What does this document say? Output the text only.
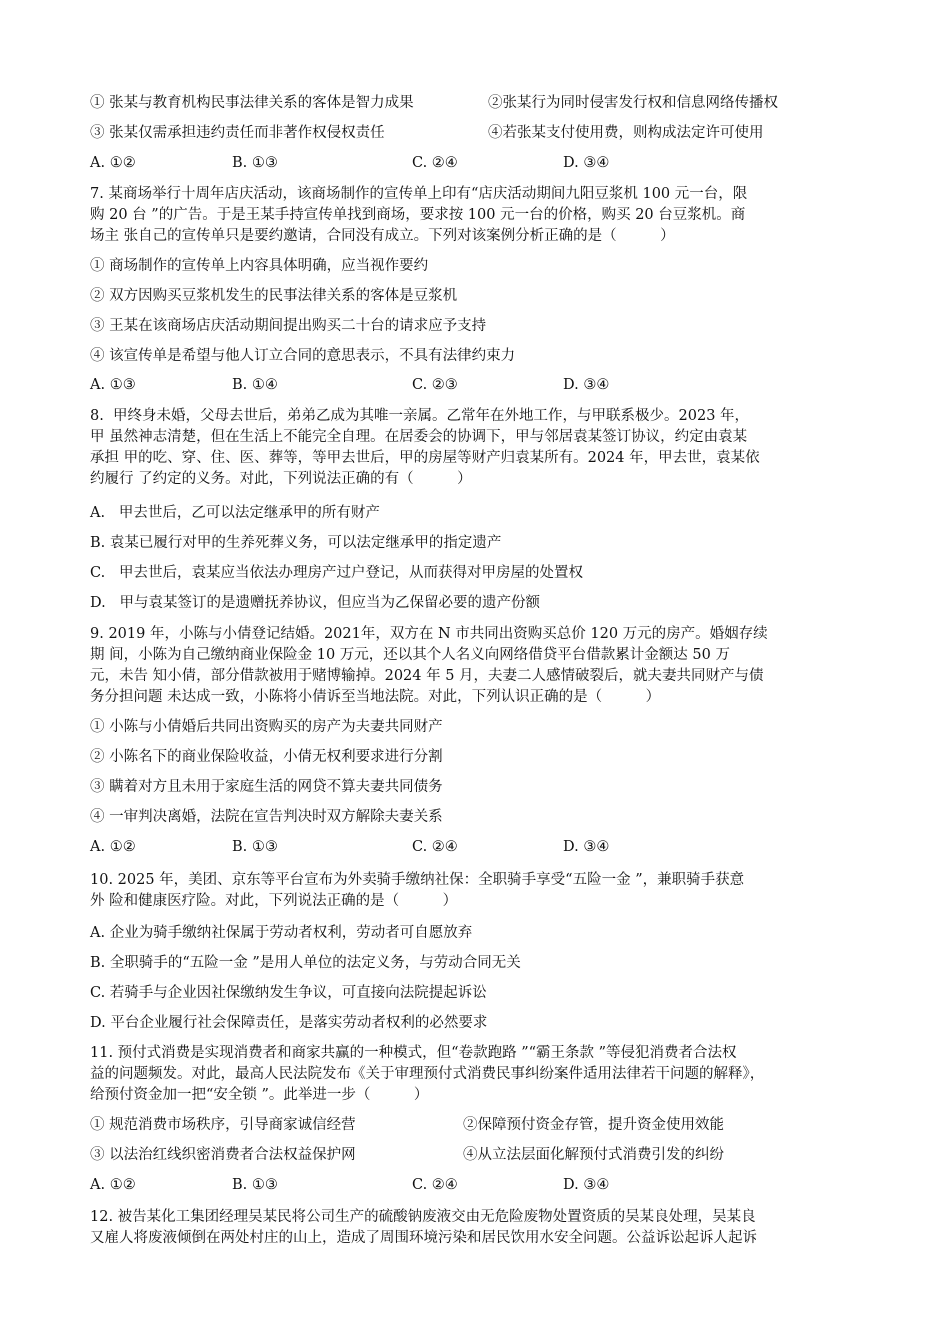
① 张某与教育机构民事法律关系的客体是智力成果	②张某行为同时侵害发行权和信息网络传播权
③ 张某仅需承担违约责任而非著作权侵权责任	④若张某支付使用费，则构成法定许可使用
A. ①②	B. ①③	C. ②④	D. ③④
7. 某商场举行十周年店庆活动，该商场制作的宣传单上印有“店庆活动期间九阳豆浆机 100 元一台，限
购 20 台 ”的广告。于是王某手持宣传单找到商场，要求按 100 元一台的价格，购买 20 台豆浆机。商
场主 张自己的宣传单只是要约邀请，合同没有成立。下列对该案例分析正确的是（　　　）
① 商场制作的宣传单上内容具体明确，应当视作要约
② 双方因购买豆浆机发生的民事法律关系的客体是豆浆机
③ 王某在该商场店庆活动期间提出购买二十台的请求应予支持
④ 该宣传单是希望与他人订立合同的意思表示，不具有法律约束力
A. ①③	B. ①④	C. ②③	D. ③④
8.  甲终身未婚，父母去世后，弟弟乙成为其唯一亲属。乙常年在外地工作，与甲联系极少。2023 年，
甲 虽然神志清楚，但在生活上不能完全自理。在居委会的协调下，甲与邻居袁某签订协议，约定由袁某
承担 甲的吃、穿、住、医、葬等，等甲去世后，甲的房屋等财产归袁某所有。2024 年，甲去世，袁某依
约履行 了约定的义务。对此，下列说法正确的有（　　　）
A.   甲去世后，乙可以法定继承甲的所有财产
B. 袁某已履行对甲的生养死葬义务，可以法定继承甲的指定遗产
C.   甲去世后，袁某应当依法办理房产过户登记，从而获得对甲房屋的处置权
D.   甲与袁某签订的是遗赠抚养协议，但应当为乙保留必要的遗产份额
9. 2019 年，小陈与小倩登记结婚。2021年，双方在 N 市共同出资购买总价 120 万元的房产。婚姻存续
期 间，小陈为自己缴纳商业保险金 10 万元，还以其个人名义向网络借贷平台借款累计金额达 50 万
元，未告 知小倩，部分借款被用于赌博输掉。2024 年 5 月，夫妻二人感情破裂后，就夫妻共同财产与债
务分担问题 未达成一致，小陈将小倩诉至当地法院。对此，下列认识正确的是（　　　）
① 小陈与小倩婚后共同出资购买的房产为夫妻共同财产
② 小陈名下的商业保险收益，小倩无权利要求进行分割
③ 瞒着对方且未用于家庭生活的网贷不算夫妻共同债务
④ 一审判决离婚，法院在宣告判决时双方解除夫妻关系
A. ①②	B. ①③	C. ②④	D. ③④
10. 2025 年，美团、京东等平台宣布为外卖骑手缴纳社保：全职骑手享受“五险一金 ”，兼职骑手获意
外 险和健康医疗险。对此，下列说法正确的是（　　　）
A. 企业为骑手缴纳社保属于劳动者权利，劳动者可自愿放弃
B. 全职骑手的“五险一金 ”是用人单位的法定义务，与劳动合同无关
C. 若骑手与企业因社保缴纳发生争议，可直接向法院提起诉讼
D. 平台企业履行社会保障责任，是落实劳动者权利的必然要求
11. 预付式消费是实现消费者和商家共赢的一种模式，但“卷款跑路 ”“霸王条款 ”等侵犯消费者合法权
益的问题频发。对此，最高人民法院发布《关于审理预付式消费民事纠纷案件适用法律若干问题的解释》，
给预付资金加一把“安全锁 ”。此举进一步（　　　）
① 规范消费市场秩序，引导商家诚信经营	②保障预付资金存管，提升资金使用效能
③ 以法治红线织密消费者合法权益保护网	④从立法层面化解预付式消费引发的纠纷
A. ①②	B. ①③	C. ②④	D. ③④
12. 被告某化工集团经理吴某民将公司生产的硫酸钠废液交由无危险废物处置资质的吴某良处理，吴某良
又雇人将废液倾倒在两处村庄的山上，造成了周围环境污染和居民饮用水安全问题。公益诉讼起诉人起诉
